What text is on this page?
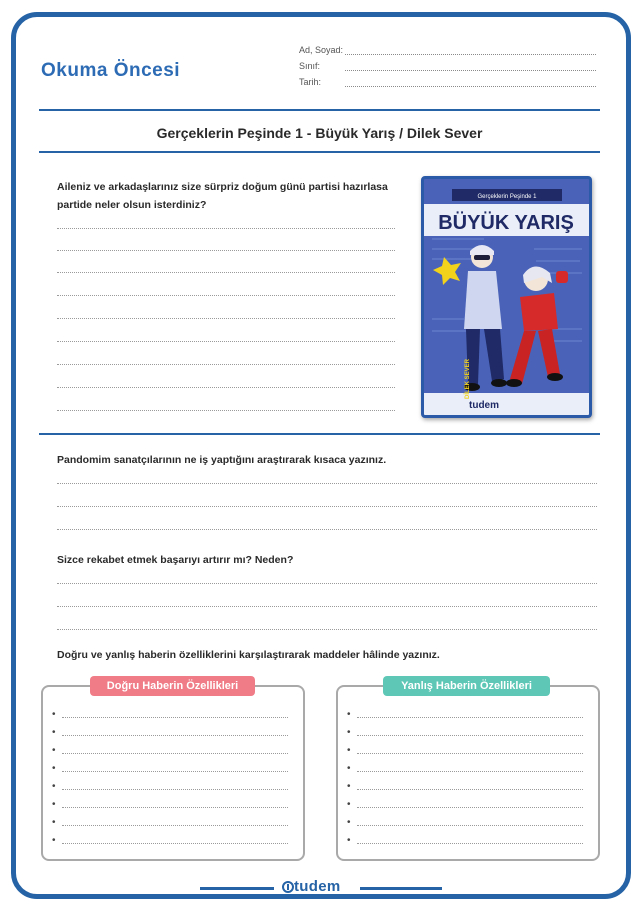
Okuma Öncesi
Ad, Soyad:
Sınıf:
Tarih:
Gerçeklerin Peşinde 1 - Büyük Yarış / Dilek Sever
Aileniz ve arkadaşlarınız size sürpriz doğum günü partisi hazırlasa partide neler olsun isterdiniz?
BÜYÜK YARIŞ
Gerçeklerin Peşinde 1
tudem
DİLEK SEVER
Pandomim sanatçılarının ne iş yaptığını araştırarak kısaca yazınız.
Sizce rekabet etmek başarıyı artırır mı? Neden?
Doğru ve yanlış haberin özelliklerini karşılaştırarak maddeler hâlinde yazınız.
Doğru Haberin Özellikleri
•
•
•
•
•
•
•
•
Yanlış Haberin Özellikleri
•
•
•
•
•
•
•
•
tudem
